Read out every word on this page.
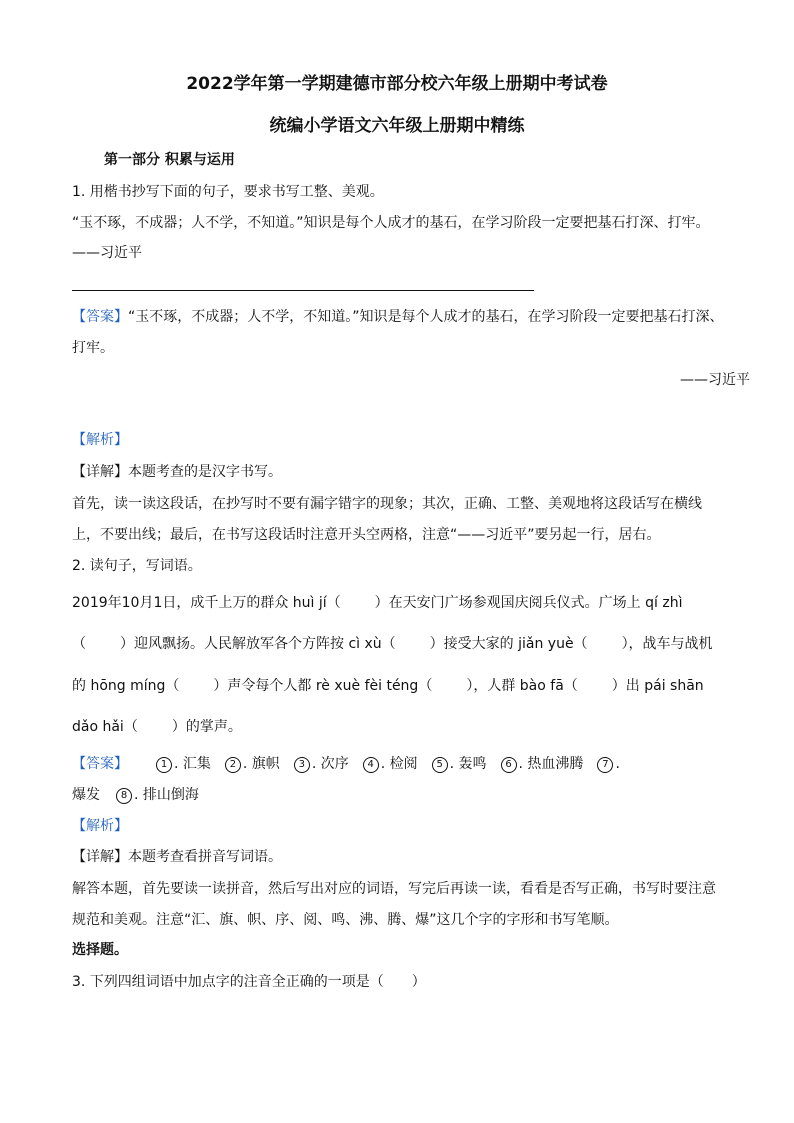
2022学年第一学期建德市部分校六年级上册期中考试卷
统编小学语文六年级上册期中精练
第一部分 积累与运用
1. 用楷书抄写下面的句子，要求书写工整、美观。
“玉不琢，不成器；人不学，不知道。”知识是每个人成才的基石，在学习阶段一定要把基石打深、打牢。
——习近平
【答案】“玉不琢，不成器；人不学，不知道。”知识是每个人成才的基石，在学习阶段一定要把基石打深、
打牢。
——习近平
【解析】
【详解】本题考查的是汉字书写。
首先，读一读这段话，在抄写时不要有漏字错字的现象；其次，正确、工整、美观地将这段话写在横线
上，不要出线；最后，在书写这段话时注意开头空两格，注意“——习近平”要另起一行，居右。
2. 读句子，写词语。
2019年10月1日，成千上万的群众 huì jí（ ）在天安门广场参观国庆阅兵仪式。广场上 qí zhì
（ ）迎风飘扬。人民解放军各个方阵按 cì xù（ ）接受大家的 jiǎn yuè（ ），战车与战机
的 hōng míng（ ）声令每个人都 rè xuè fèi téng（ ），人群 bào fā（ ）出 pái shān
dǎo hǎi（ ）的掌声。
【答案】	1 . 汇集 2 . 旗帜 3 . 次序 4 . 检阅 5 . 轰鸣 6 . 热血沸腾 7 .
爆发 8 . 排山倒海
【解析】
【详解】本题考查看拼音写词语。
解答本题，首先要读一读拼音，然后写出对应的词语，写完后再读一读，看看是否写正确，书写时要注意
规范和美观。注意“汇、旗、帜、序、阅、鸣、沸、腾、爆”这几个字的字形和书写笔顺。
选择题。
3. 下列四组词语中加点字的注音全正确的一项是（　　）
